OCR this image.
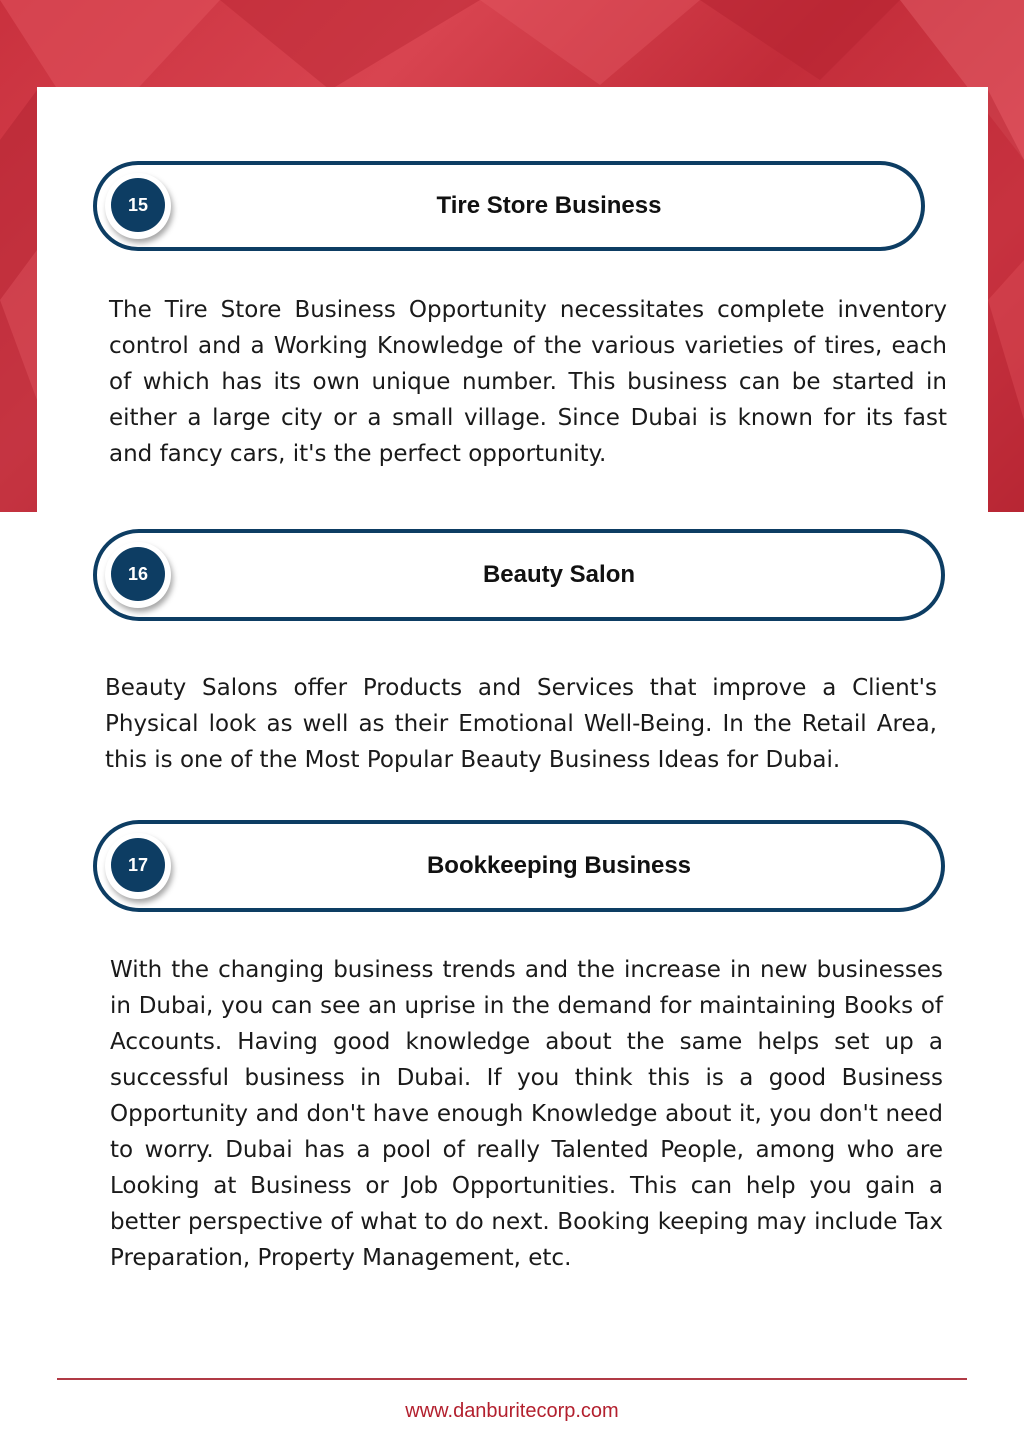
15	Tire Store Business

The Tire Store Business Opportunity necessitates complete inventory control and a Working Knowledge of the various varieties of tires, each of which has its own unique number. This business can be started in either a large city or a small village. Since Dubai is known for its fast and fancy cars, it's the perfect opportunity.

16	Beauty Salon

Beauty Salons offer Products and Services that improve a Client's Physical look as well as their Emotional Well-Being. In the Retail Area, this is one of the Most Popular Beauty Business Ideas for Dubai.

17	Bookkeeping Business

With the changing business trends and the increase in new businesses in Dubai, you can see an uprise in the demand for maintaining Books of Accounts. Having good knowledge about the same helps set up a successful business in Dubai. If you think this is a good Business Opportunity and don't have enough Knowledge about it, you don't need to worry. Dubai has a pool of really Talented People, among who are Looking at Business or Job Opportunities. This can help you gain a better perspective of what to do next. Booking keeping may include Tax Preparation, Property Management, etc.

www.danburitecorp.com
